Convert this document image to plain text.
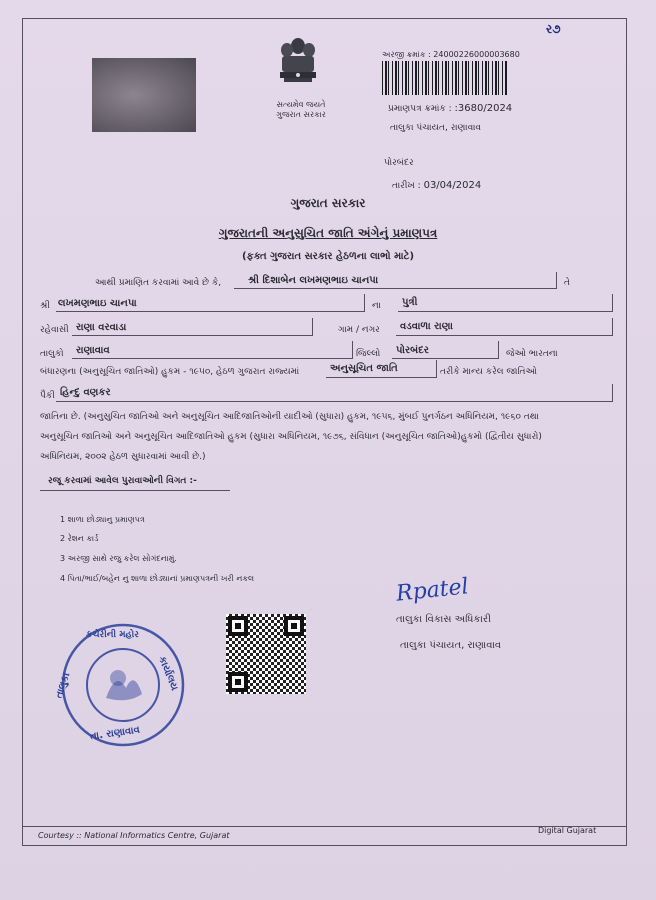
ર૭
સત્યમેવ જયતે
ગુજરાત સરકાર
અરજી ક્રમાંક : 24000226000003680
પ્રમાણપત્ર ક્રમાંક : :3680/2024
તાલુકા પંચાયત, રાણાવાવ
પોરબંદર
તારીખ : 03/04/2024
ગુજરાત સરકાર
ગુજરાતની અનુસુચિત જાતિ અંગેનું પ્રમાણપત્ર
(ફક્ત ગુજરાત સરકાર હેઠળના લાભો માટે)
આથી પ્રમાણિત કરવામાં આવે છે કે,	શ્રી દિશાબેન લખમણભાઇ ચાનપા	તે
શ્રી લખમણભાઇ ચાનપા	ના પુત્રી
રહેવાસી રાણા વરવાડા	ગામ / નગર વડવાળા રાણા
તાલુકો રાણાવાવ	જિલ્લો પોરબંદર	જેઓ ભારતના
બંધારણના (અનુસૂચિત જાતિઓ) હુકમ - ૧૯૫૦, હેઠળ ગુજરાત રાજ્યમાં	અનુસૂચિત જાતિ	તરીકે માન્ય કરેલ જાતિઓ
પૈકી હિન્દુ વણકર
જાતિના છે. (અનુસુચિત જાતિઓ અને અનુસૂચિત આદિજાતિઓની યાદીઓ (સુધારા) હુકમ, ૧૯૫૬, મુંબઈ પુનર્ગઠન અધિનિયમ, ૧૯૬૦ તથા
અનુસૂચિત જાતિઓ અને અનુસૂચિત આદિજાતિઓ હુકમ (સુધારા અધિનિયમ, ૧૯૭૬, સંવિધાન (અનુસૂચિત જાતિઓ)હુકમો (દ્વિતીય સુધારો)
અધિનિયમ, ૨૦૦૨ હેઠળ સુધારવામાં આવી છે.)
રજૂ કરવામાં આવેલ પુરાવાઓની વિગત :-
1 શાળા છોડ્યાનુ પ્રમાણપત્ર
2 રેશન કાર્ડ
3 અરજી સાથે રજુ કરેલ સોગંદનામું.
4 પિતા/ભાઈ/બહેન નુ શાળા છોડ્યાનાં પ્રમાણપત્રની ખરી નકલ	Rpatel
તાલુકા વિકાસ અધિકારી
તાલુકા પંચાયત, રાણાવાવ
કચેરીની મહોર
તાલુકા	કાર્યાલય
તા. રાણાવાવ
Courtesy :: National Informatics Centre, Gujarat
Digital Gujarat
